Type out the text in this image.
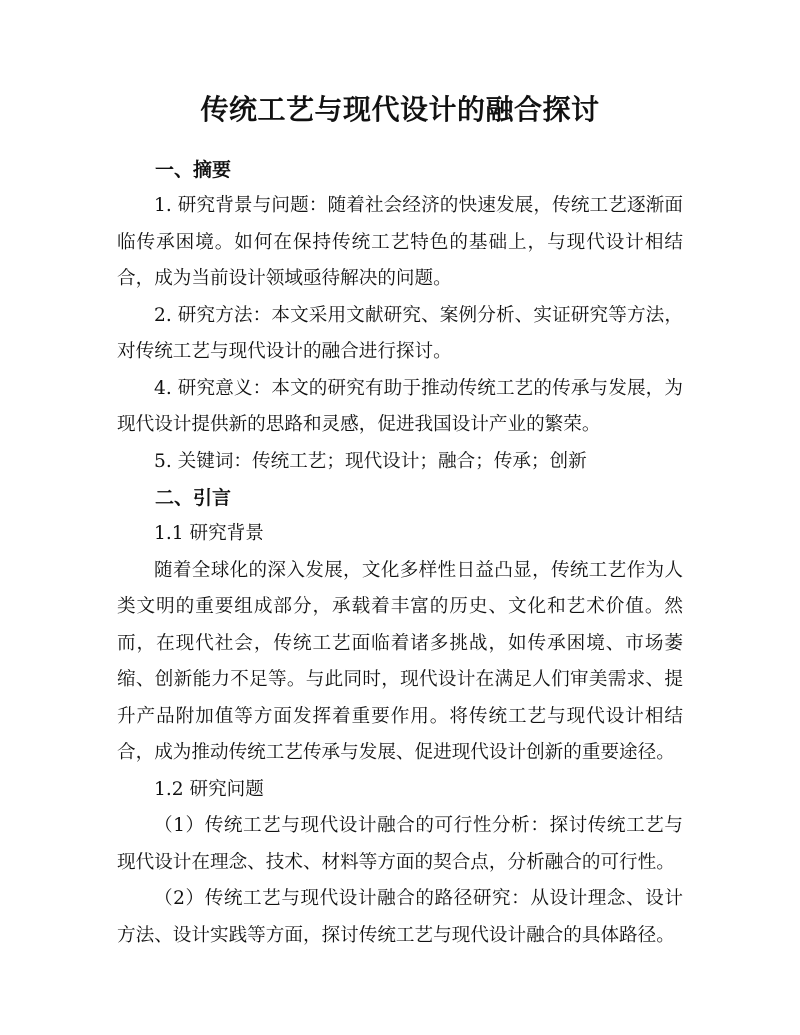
传统工艺与现代设计的融合探讨

一、摘要

1. 研究背景与问题：随着社会经济的快速发展，传统工艺逐渐面临传承困境。如何在保持传统工艺特色的基础上，与现代设计相结合，成为当前设计领域亟待解决的问题。

2. 研究方法：本文采用文献研究、案例分析、实证研究等方法，对传统工艺与现代设计的融合进行探讨。

4. 研究意义：本文的研究有助于推动传统工艺的传承与发展，为现代设计提供新的思路和灵感，促进我国设计产业的繁荣。

5. 关键词：传统工艺；现代设计；融合；传承；创新

二、引言

1.1 研究背景

随着全球化的深入发展，文化多样性日益凸显，传统工艺作为人类文明的重要组成部分，承载着丰富的历史、文化和艺术价值。然而，在现代社会，传统工艺面临着诸多挑战，如传承困境、市场萎缩、创新能力不足等。与此同时，现代设计在满足人们审美需求、提升产品附加值等方面发挥着重要作用。将传统工艺与现代设计相结合，成为推动传统工艺传承与发展、促进现代设计创新的重要途径。

1.2 研究问题

（1）传统工艺与现代设计融合的可行性分析：探讨传统工艺与现代设计在理念、技术、材料等方面的契合点，分析融合的可行性。

（2）传统工艺与现代设计融合的路径研究：从设计理念、设计方法、设计实践等方面，探讨传统工艺与现代设计融合的具体路径。
